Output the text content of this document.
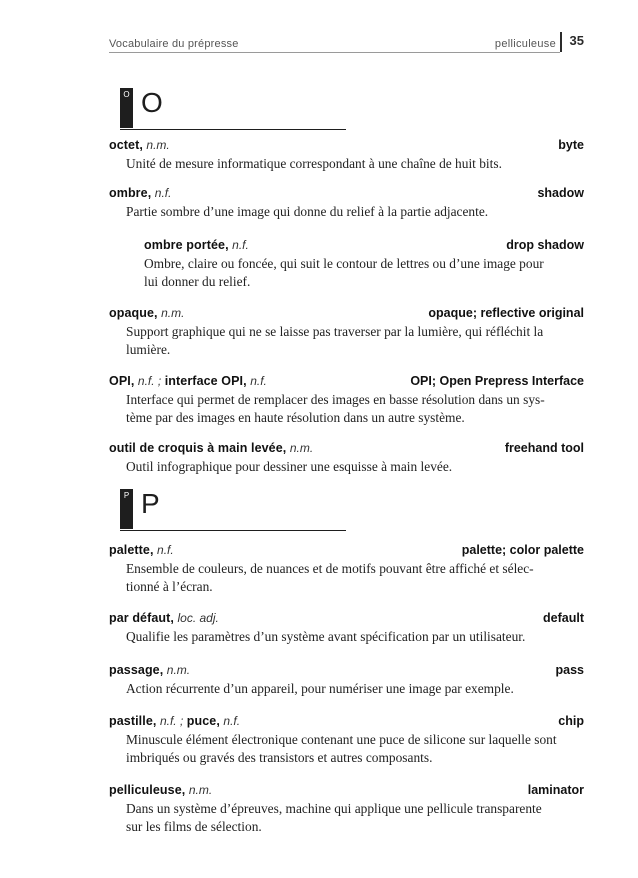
Vocabulaire du prépresse	pelliculeuse 35
O O
octet, n.m.	byte
Unité de mesure informatique correspondant à une chaîne de huit bits.
ombre, n.f.	shadow
Partie sombre d’une image qui donne du relief à la partie adjacente.
ombre portée, n.f.	drop shadow
Ombre, claire ou foncée, qui suit le contour de lettres ou d’une image pour
lui donner du relief.
opaque, n.m.	opaque; reflective original
Support graphique qui ne se laisse pas traverser par la lumière, qui réfléchit la
lumière.
OPI, n.f. ; interface OPI, n.f.	OPI; Open Prepress Interface
Interface qui permet de remplacer des images en basse résolution dans un sys-
tème par des images en haute résolution dans un autre système.
outil de croquis à main levée, n.m.	freehand tool
Outil infographique pour dessiner une esquisse à main levée.
P P
palette, n.f.	palette; color palette
Ensemble de couleurs, de nuances et de motifs pouvant être affiché et sélec-
tionné à l’écran.
par défaut, loc. adj.	default
Qualifie les paramètres d’un système avant spécification par un utilisateur.
passage, n.m.	pass
Action récurrente d’un appareil, pour numériser une image par exemple.
pastille, n.f. ; puce, n.f.	chip
Minuscule élément électronique contenant une puce de silicone sur laquelle sont
imbriqués ou gravés des transistors et autres composants.
pelliculeuse, n.m.	laminator
Dans un système d’épreuves, machine qui applique une pellicule transparente
sur les films de sélection.
